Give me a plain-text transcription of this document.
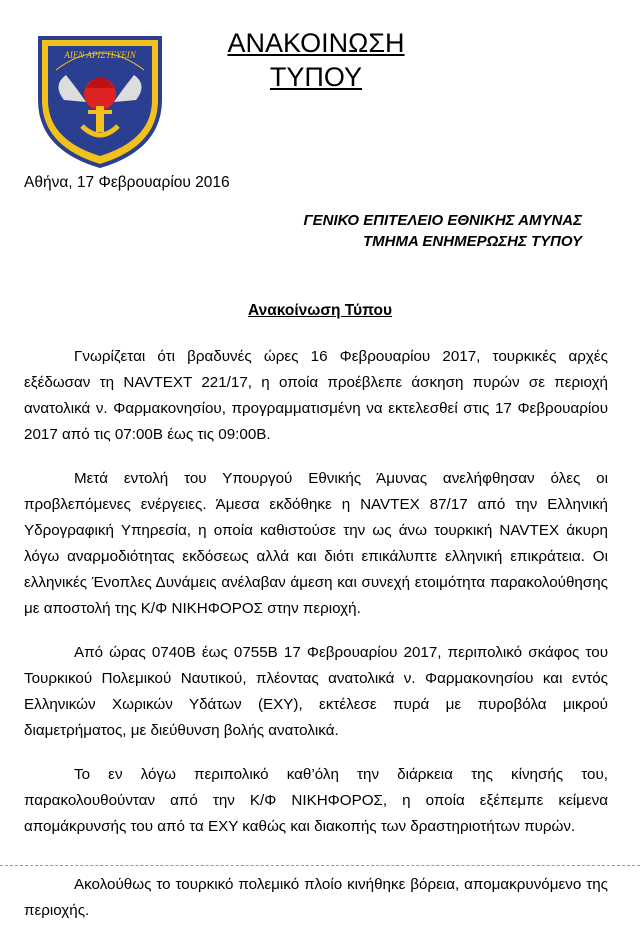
ΑΙΕΝ ΑΡΙΣΤΕΥΕΙΝ	ΑΝΑΚΟΙΝΩΣΗ
ΤΥΠΟΥ
Αθήνα, 17 Φεβρουαρίου 2016
ΓΕΝΙΚΟ ΕΠΙΤΕΛΕΙΟ ΕΘΝΙΚΗΣ ΑΜΥΝΑΣ
ΤΜΗΜΑ ΕΝΗΜΕΡΩΣΗΣ ΤΥΠΟΥ
Ανακοίνωση Τύπου

Γνωρίζεται ότι βραδυνές ώρες 16 Φεβρουαρίου 2017, τουρκικές αρχές εξέδωσαν τη NAVTEXT 221/17, η οποία προέβλεπε άσκηση πυρών σε περιοχή ανατολικά ν. Φαρμακονησίου, προγραμματισμένη να εκτελεσθεί στις 17 Φεβρουαρίου 2017 από τις 07:00Β έως τις 09:00Β.

Μετά εντολή του Υπουργού Εθνικής Άμυνας ανελήφθησαν όλες οι προβλεπόμενες ενέργειες. Άμεσα εκδόθηκε η NAVTEX 87/17 από την Ελληνική Υδρογραφική Υπηρεσία, η οποία καθιστούσε την ως άνω τουρκική NAVTEX άκυρη λόγω αναρμοδιότητας εκδόσεως αλλά και διότι επικάλυπτε ελληνική επικράτεια. Οι ελληνικές Ένοπλες Δυνάμεις ανέλαβαν άμεση και συνεχή ετοιμότητα παρακολούθησης με αποστολή της Κ/Φ ΝΙΚΗΦΟΡΟΣ στην περιοχή.

Από ώρας 0740Β έως 0755Β 17 Φεβρουαρίου 2017, περιπολικό σκάφος του Τουρκικού Πολεμικού Ναυτικού, πλέοντας ανατολικά ν. Φαρμακονησίου και εντός Ελληνικών Χωρικών Υδάτων (ΕΧΥ), εκτέλεσε πυρά με πυροβόλα μικρού διαμετρήματος, με διεύθυνση βολής ανατολικά.

Το εν λόγω περιπολικό καθ’όλη την διάρκεια της κίνησής του, παρακολουθούνταν από την Κ/Φ ΝΙΚΗΦΟΡΟΣ, η οποία εξέπεμπε κείμενα απομάκρυνσής του από τα ΕΧΥ καθώς και διακοπής των δραστηριοτήτων πυρών.

Ακολούθως το τουρκικό πολεμικό πλοίο κινήθηκε βόρεια, απομακρυνόμενο της περιοχής.
